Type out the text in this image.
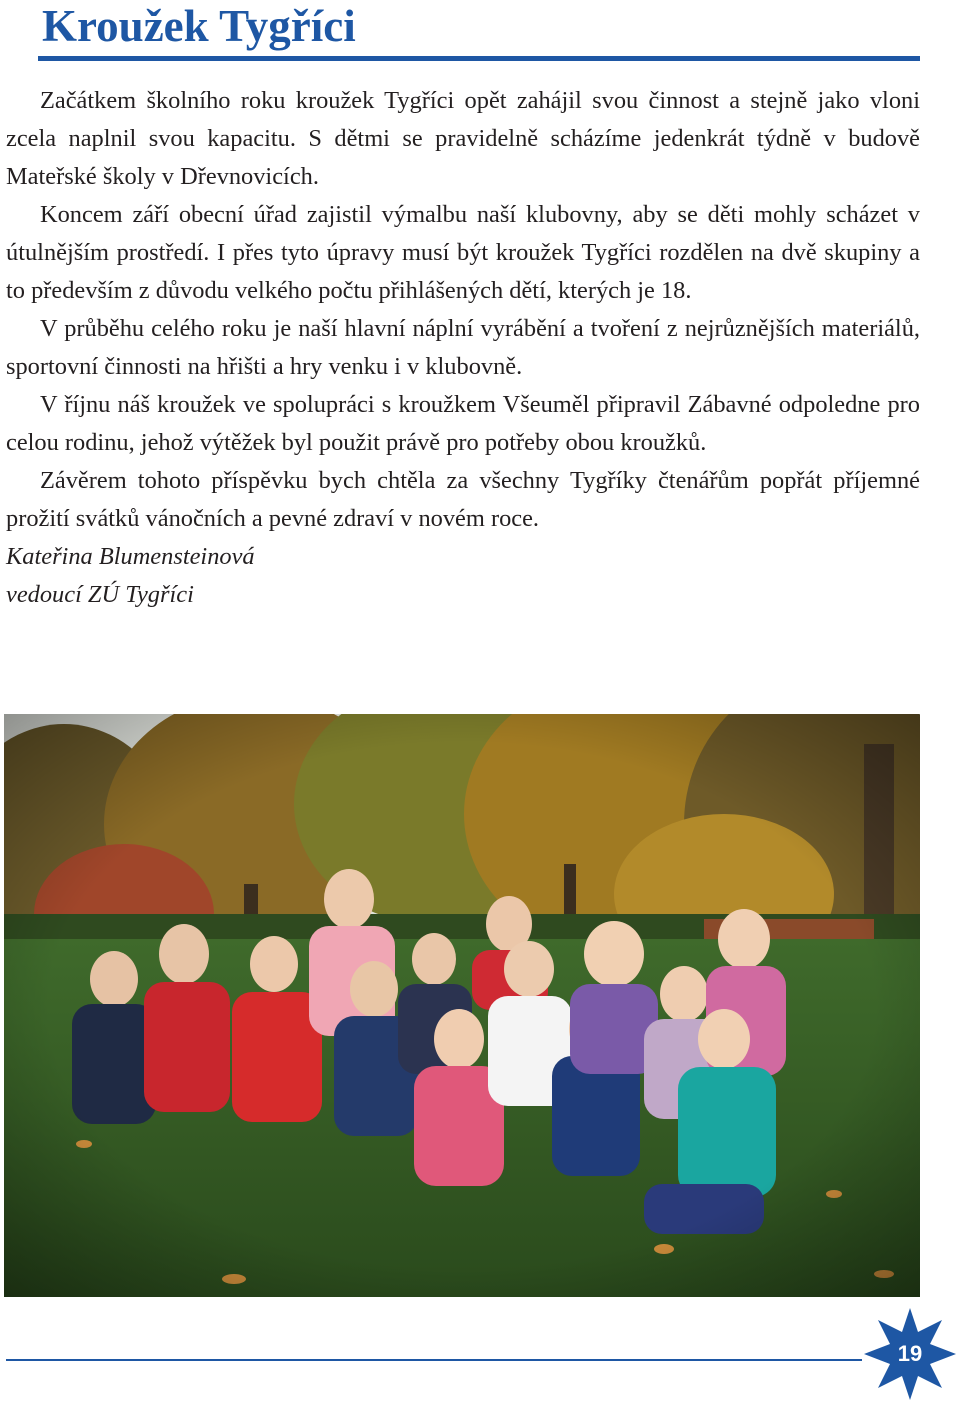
Kroužek Tygříci

Začátkem školního roku kroužek Tygříci opět zahájil svou činnost a stejně jako vloni zcela naplnil svou kapacitu. S dětmi se pravidelně scházíme jedenkrát týdně v budově Mateřské školy v Dřevnovicích.

Koncem září obecní úřad zajistil výmalbu naší klubovny, aby se děti mohly scházet v útulnějším prostředí. I přes tyto úpravy musí být kroužek Tygříci rozdělen na dvě skupiny a to především z důvodu velkého počtu přihlášených dětí, kterých je 18.

V průběhu celého roku je naší hlavní náplní vyrábění a tvoření z nejrůznějších materiálů, sportovní činnosti na hřišti a hry venku i v klubovně.

V říjnu náš kroužek ve spolupráci s kroužkem Všeuměl připravil Zábavné odpoledne pro celou rodinu, jehož výtěžek byl použit právě pro potřeby obou kroužků.

Závěrem tohoto příspěvku bych chtěla za všechny Tygříky čtenářům popřát příjemné prožití svátků vánočních a pevné zdraví v novém roce.

Kateřina Blumensteinová

vedoucí ZÚ Tygříci

19
